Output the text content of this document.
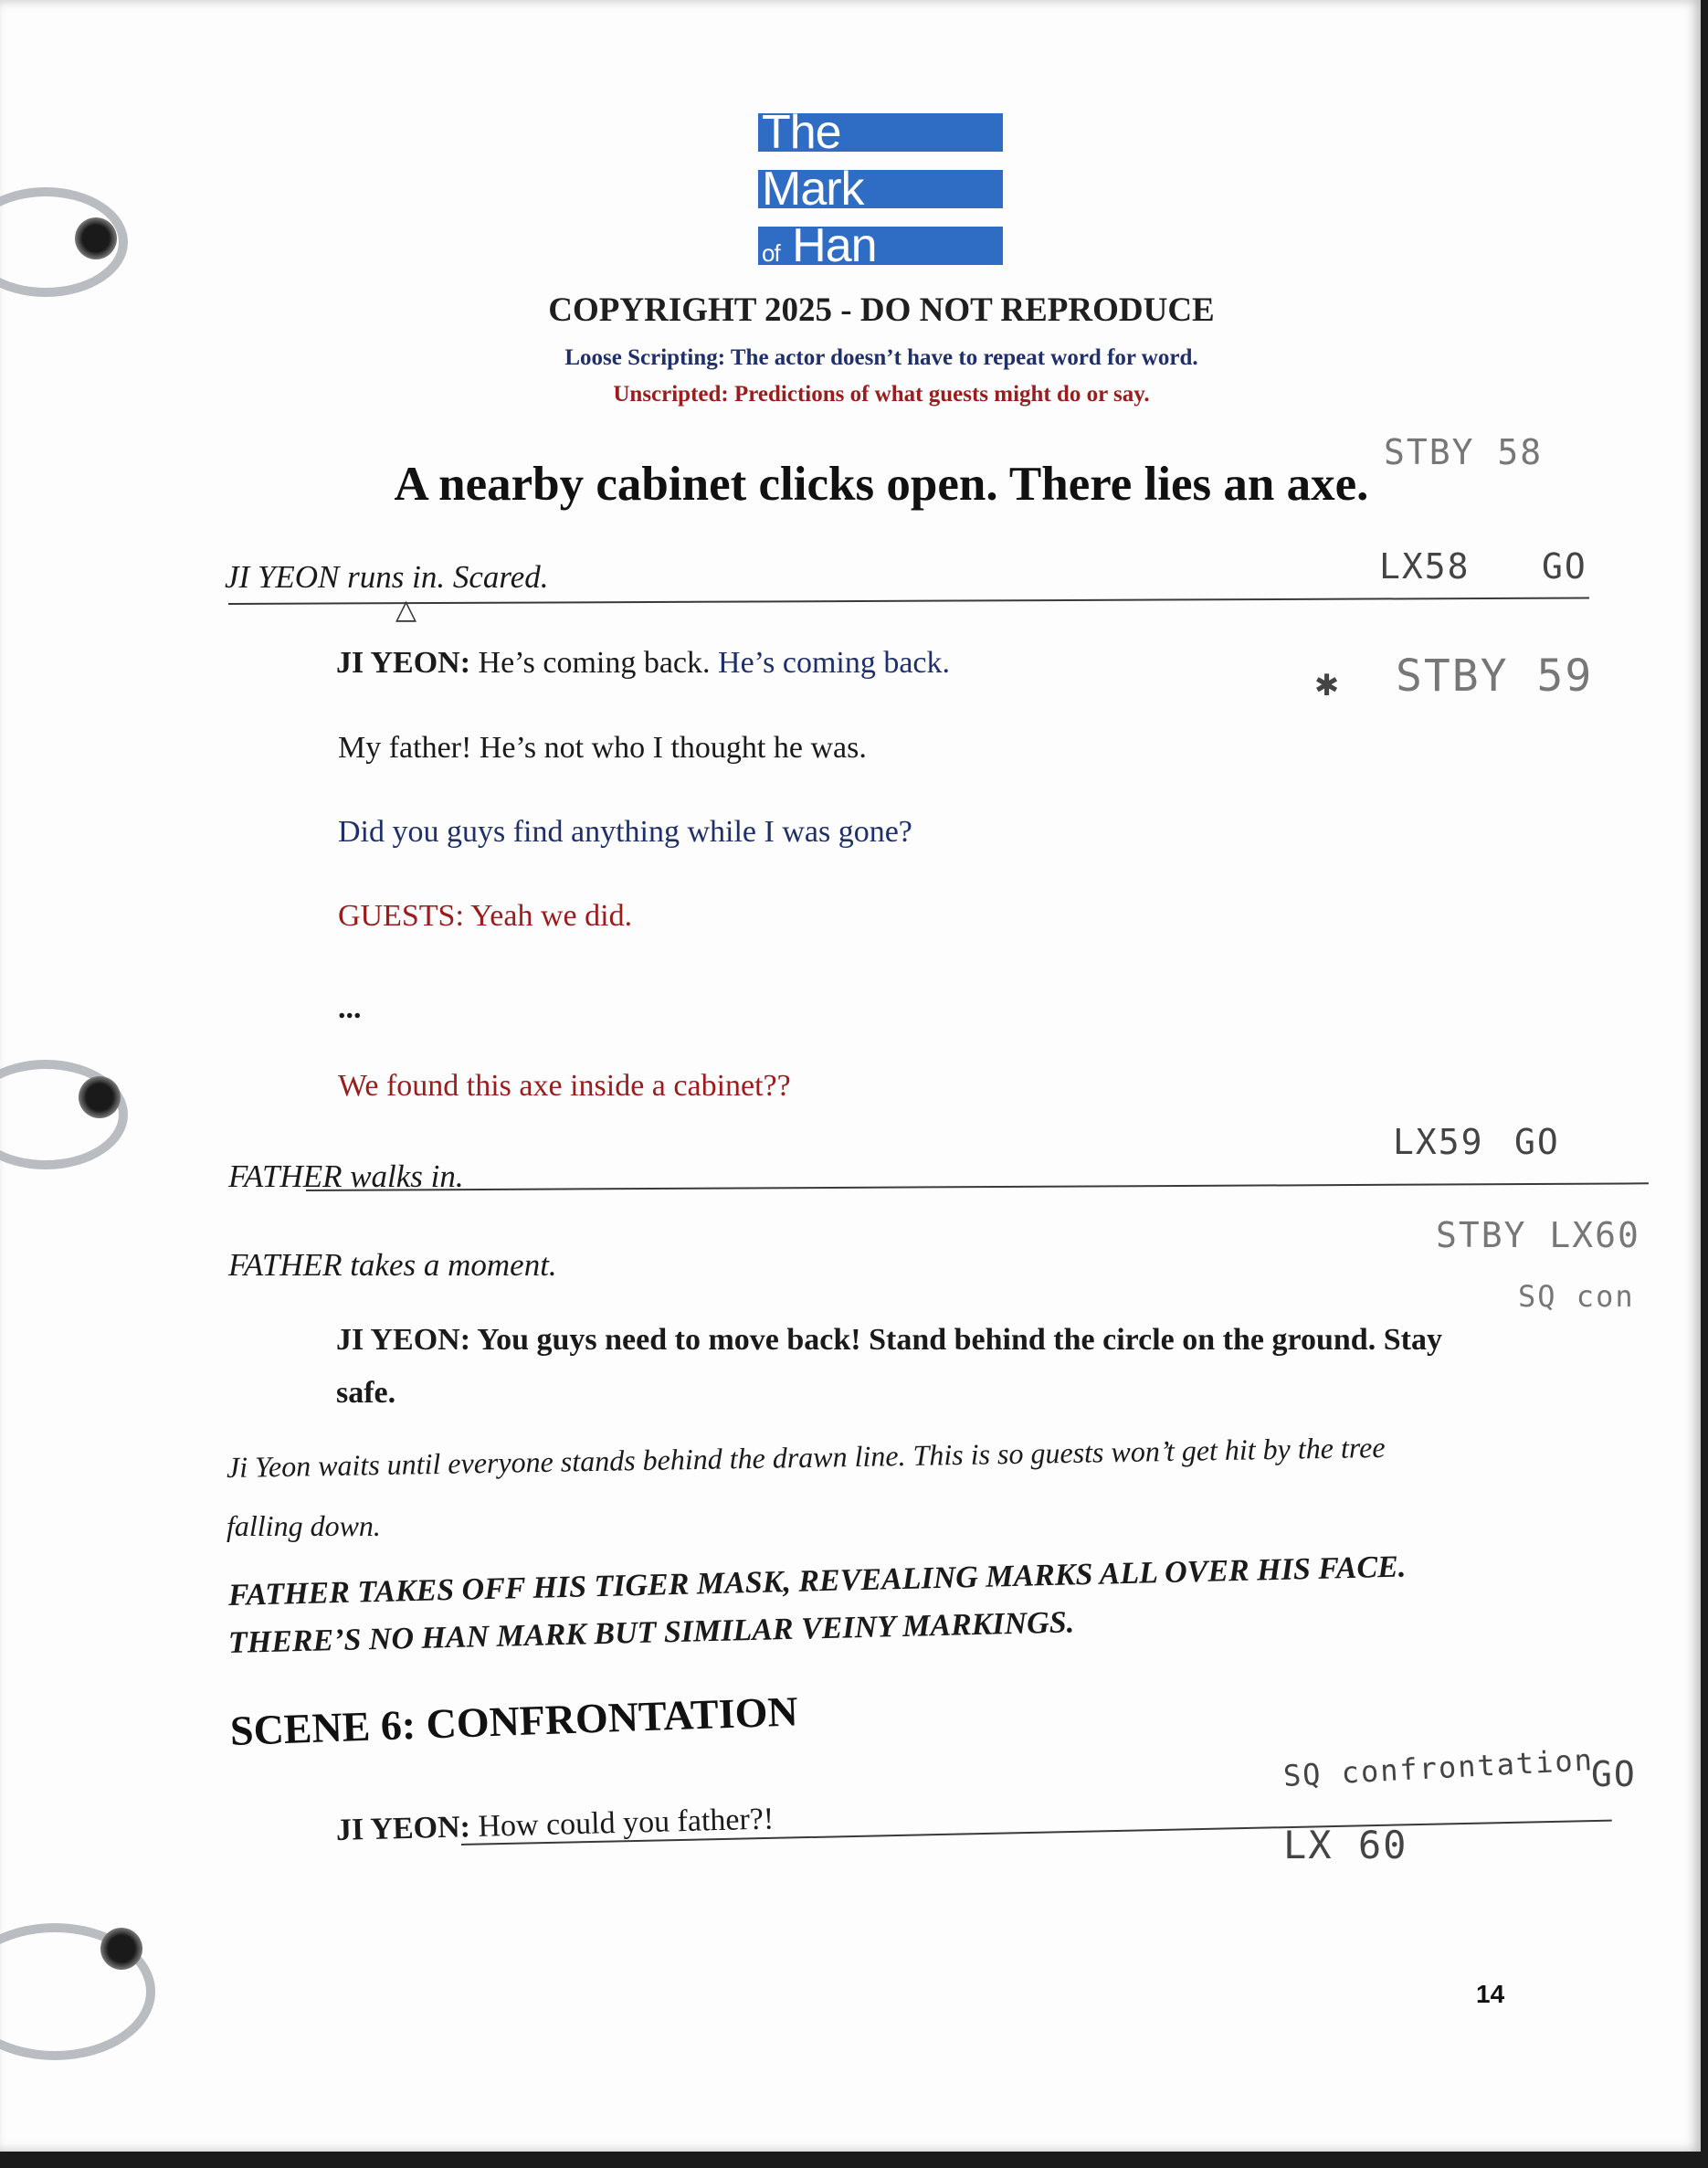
The
Mark
of Han
COPYRIGHT 2025 - DO NOT REPRODUCE
Loose Scripting: The actor doesn’t have to repeat word for word.
Unscripted: Predictions of what guests might do or say.
A nearby cabinet clicks open. There lies an axe.
JI YEON runs in. Scared.
△
JI YEON: He’s coming back. He’s coming back.
My father! He’s not who I thought he was.
Did you guys find anything while I was gone?
GUESTS: Yeah we did.
...
We found this axe inside a cabinet??
FATHER walks in.
FATHER takes a moment.
JI YEON: You guys need to move back! Stand behind the circle on the ground. Stay
safe.
Ji Yeon waits until everyone stands behind the drawn line. This is so guests won’t get hit by the tree
falling down.
FATHER TAKES OFF HIS TIGER MASK, REVEALING MARKS ALL OVER HIS FACE.
THERE’S NO HAN MARK BUT SIMILAR VEINY MARKINGS.
SCENE 6: CONFRONTATION
JI YEON: How could you father?!
STBY 58
LX58 GO
✱ STBY 59
LX59 GO
STBY LX60
SQ con
SQ confrontation
GO
LX 60
14
